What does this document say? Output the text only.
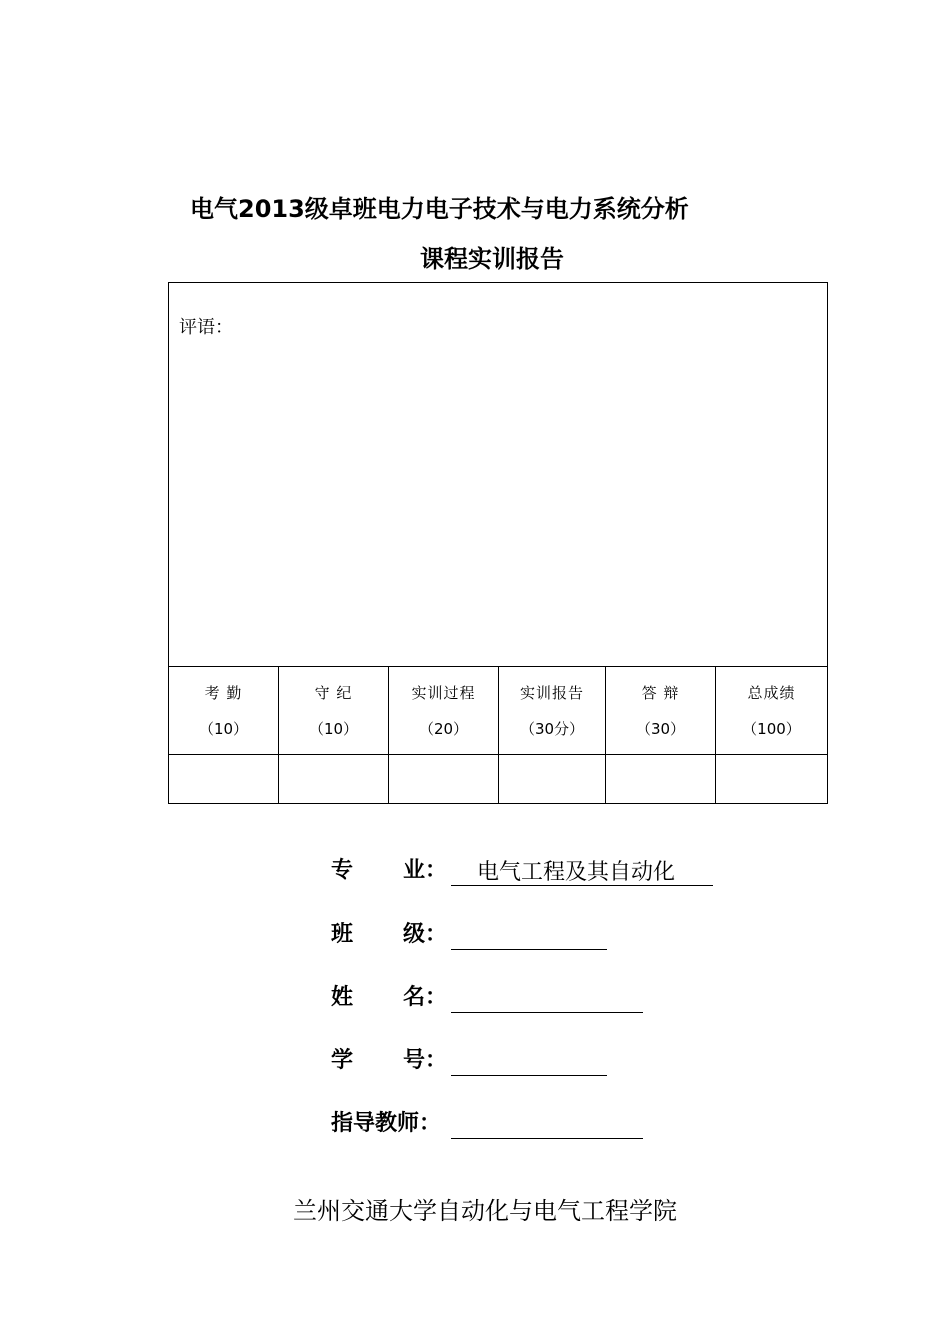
电气2013级卓班电力电子技术与电力系统分析
课程实训报告
评语：
考 勤
（10）
守 纪
（10）
实训过程
（20）
实训报告
（30分）
答 辩
（30）
总成绩
（100）
专 业： 电气工程及其自动化
班 级：
姓 名：
学 号：
指导教师：
兰州交通大学自动化与电气工程学院
